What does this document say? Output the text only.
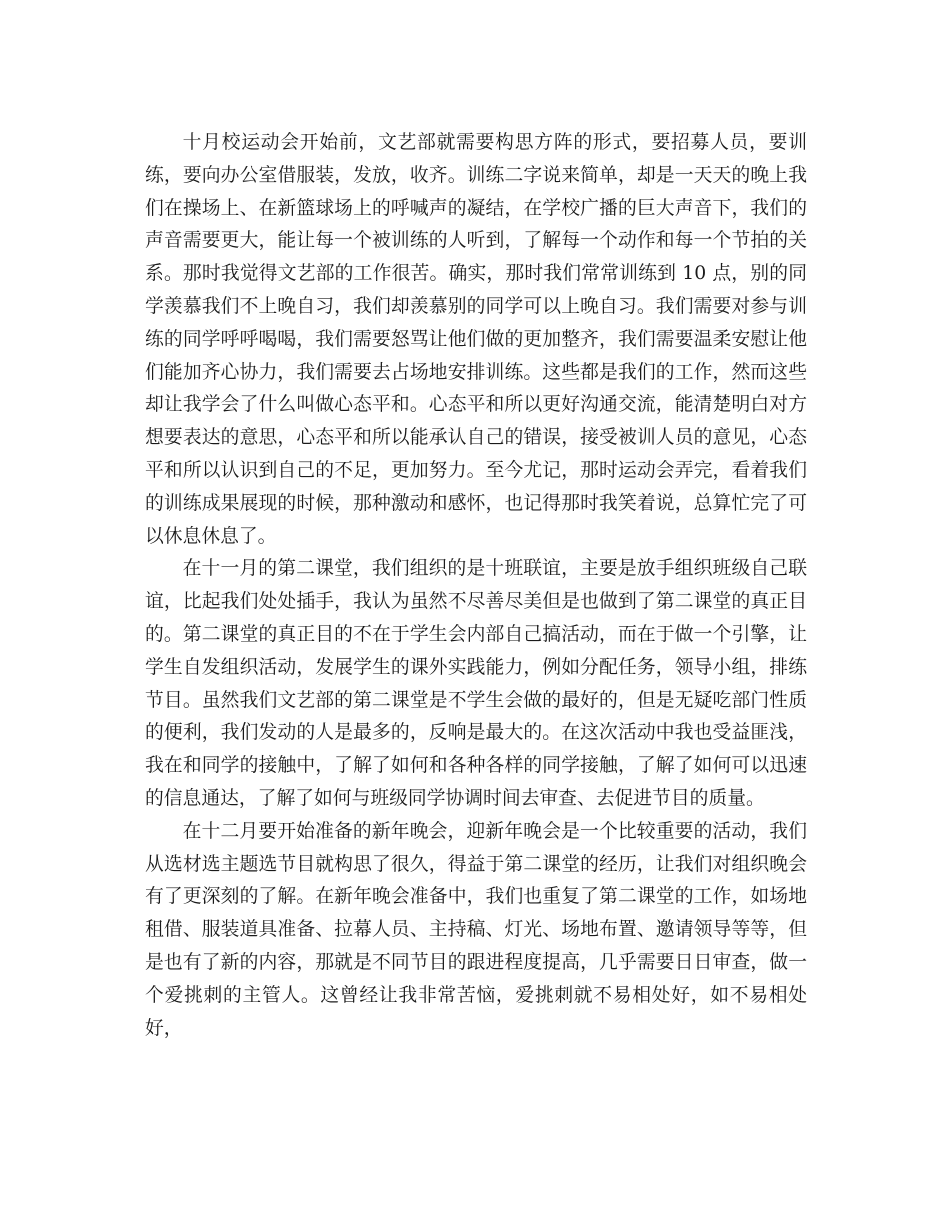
十月校运动会开始前，文艺部就需要构思方阵的形式，要招募人员，要训练，要向办公室借服装，发放，收齐。训练二字说来简单，却是一天天的晚上我们在操场上、在新篮球场上的呼喊声的凝结，在学校广播的巨大声音下，我们的声音需要更大，能让每一个被训练的人听到，了解每一个动作和每一个节拍的关系。那时我觉得文艺部的工作很苦。确实，那时我们常常训练到 10 点，别的同学羡慕我们不上晚自习，我们却羡慕别的同学可以上晚自习。我们需要对参与训练的同学呼呼喝喝，我们需要怒骂让他们做的更加整齐，我们需要温柔安慰让他们能加齐心协力，我们需要去占场地安排训练。这些都是我们的工作，然而这些却让我学会了什么叫做心态平和。心态平和所以更好沟通交流，能清楚明白对方想要表达的意思，心态平和所以能承认自己的错误，接受被训人员的意见，心态平和所以认识到自己的不足，更加努力。至今尤记，那时运动会弄完，看着我们的训练成果展现的时候，那种激动和感怀，也记得那时我笑着说，总算忙完了可以休息休息了。

在十一月的第二课堂，我们组织的是十班联谊，主要是放手组织班级自己联谊，比起我们处处插手，我认为虽然不尽善尽美但是也做到了第二课堂的真正目的。第二课堂的真正目的不在于学生会内部自己搞活动，而在于做一个引擎，让学生自发组织活动，发展学生的课外实践能力，例如分配任务，领导小组，排练节目。虽然我们文艺部的第二课堂是不学生会做的最好的，但是无疑吃部门性质的便利，我们发动的人是最多的，反响是最大的。在这次活动中我也受益匪浅，我在和同学的接触中，了解了如何和各种各样的同学接触，了解了如何可以迅速的信息通达，了解了如何与班级同学协调时间去审查、去促进节目的质量。

在十二月要开始准备的新年晚会，迎新年晚会是一个比较重要的活动，我们从选材选主题选节目就构思了很久，得益于第二课堂的经历，让我们对组织晚会有了更深刻的了解。在新年晚会准备中，我们也重复了第二课堂的工作，如场地租借、服装道具准备、拉幕人员、主持稿、灯光、场地布置、邀请领导等等，但是也有了新的内容，那就是不同节目的跟进程度提高，几乎需要日日审查，做一个爱挑刺的主管人。这曾经让我非常苦恼，爱挑刺就不易相处好，如不易相处好，
